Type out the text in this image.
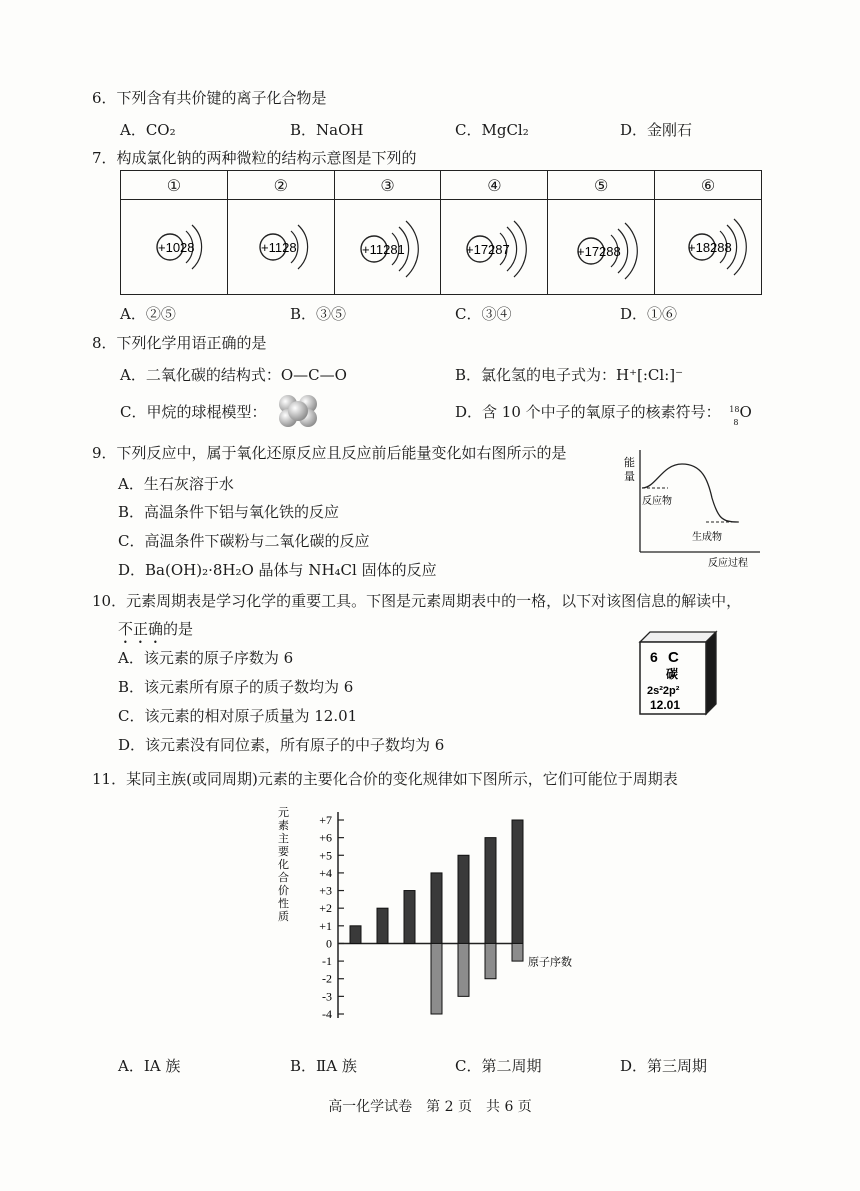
6．下列含有共价键的离子化合物是
A．CO₂	B．NaOH	C．MgCl₂	D．金刚石
7．构成氯化钠的两种微粒的结构示意图是下列的
①	②	③	④	⑤	⑥

+1028	+1128	+11281	+17287	+17288	+18288
A．②⑤	B．③⑤	C．③④	D．①⑥
8．下列化学用语正确的是
A．二氧化碳的结构式：O—C—O	B．氯化氢的电子式为：H⁺[:Cl:]⁻
C．甲烷的球棍模型：	D．含 10 个中子的氧原子的核素符号： 18
8
O
9．下列反应中，属于氧化还原反应且反应前后能量变化如右图所示的是
A．生石灰溶于水
B．高温条件下铝与氧化铁的反应
C．高温条件下碳粉与二氧化碳的反应
D．Ba(OH)₂·8H₂O 晶体与 NH₄Cl 固体的反应
能
量
反应物
生成物
反应过程
10．元素周期表是学习化学的重要工具。下图是元素周期表中的一格，以下对该图信息的解读中，
不正确的是
A．该元素的原子序数为 6
B．该元素所有原子的质子数均为 6
C．该元素的相对原子质量为 12.01
D．该元素没有同位素，所有原子的中子数均为 6
6 C
碳
2s²2p²
12.01
11．某同主族(或同周期)元素的主要化合价的变化规律如下图所示，它们可能位于周期表
元
素
主
要
化
合
价
性
质
+7
+6
+5
+4
+3
+2
+1
0
-1
-2
-3
-4
原子序数
A．ⅠA 族	B．ⅡA 族	C．第二周期	D．第三周期
高一化学试卷　第 2 页　共 6 页
